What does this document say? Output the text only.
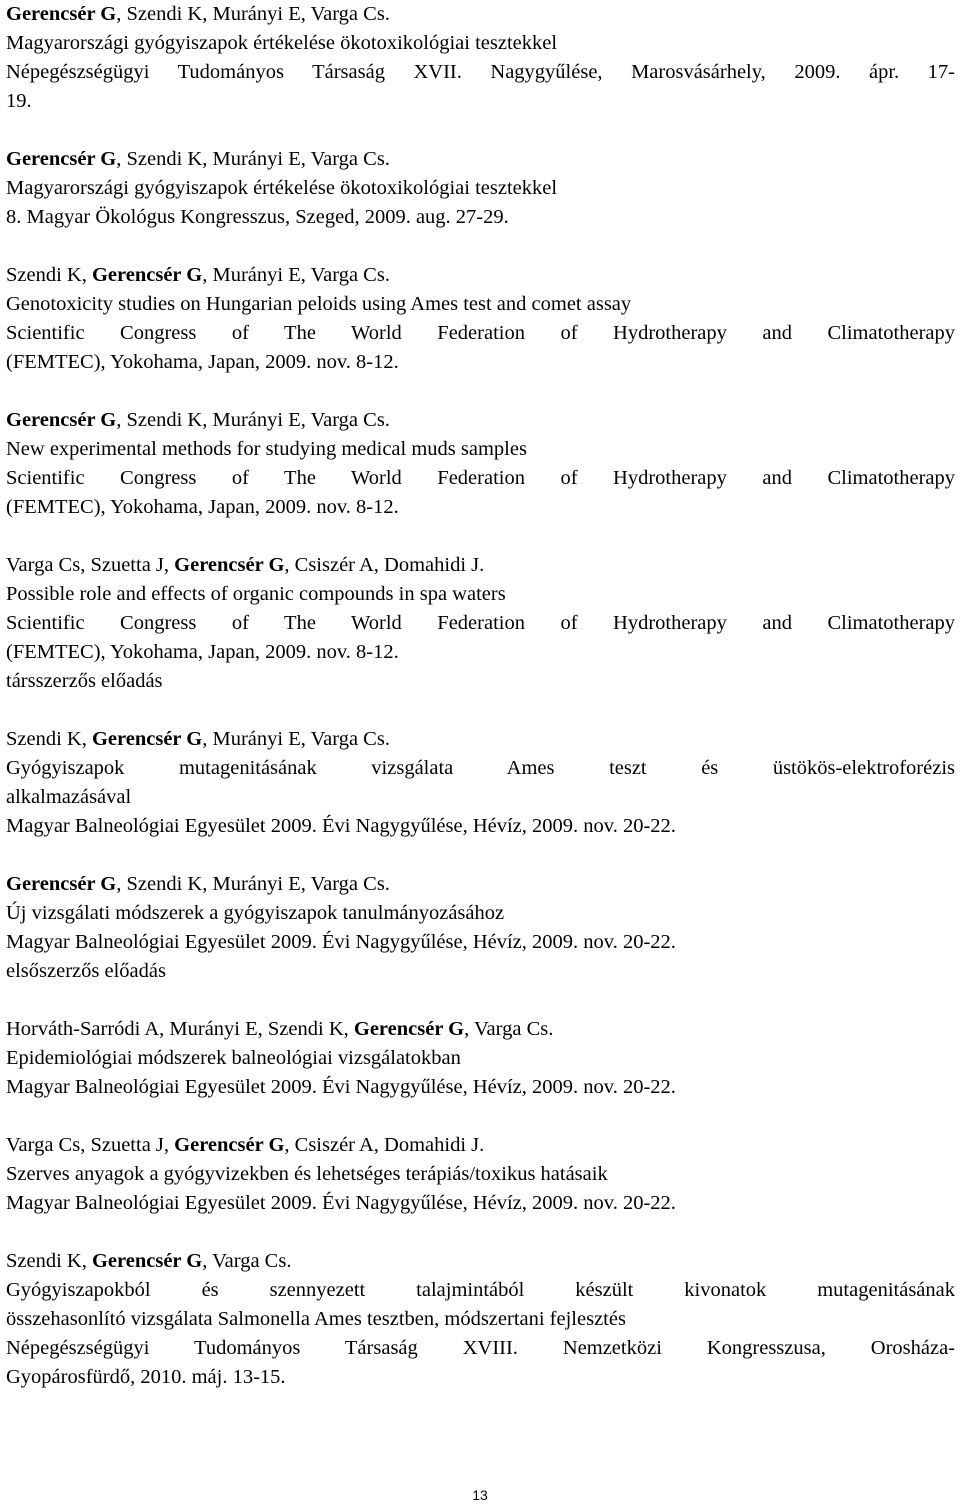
Gerencsér G, Szendi K, Murányi E, Varga Cs.
Magyarországi gyógyiszapok értékelése ökotoxikológiai tesztekkel
Népegészségügyi Tudományos Társaság XVII. Nagygyűlése, Marosvásárhely, 2009. ápr. 17-
19.
Gerencsér G, Szendi K, Murányi E, Varga Cs.
Magyarországi gyógyiszapok értékelése ökotoxikológiai tesztekkel
8. Magyar Ökológus Kongresszus, Szeged, 2009. aug. 27-29.
Szendi K, Gerencsér G, Murányi E, Varga Cs.
Genotoxicity studies on Hungarian peloids using Ames test and comet assay
Scientific Congress of The World Federation of Hydrotherapy and Climatotherapy
(FEMTEC), Yokohama, Japan, 2009. nov. 8-12.
Gerencsér G, Szendi K, Murányi E, Varga Cs.
New experimental methods for studying medical muds samples
Scientific Congress of The World Federation of Hydrotherapy and Climatotherapy
(FEMTEC), Yokohama, Japan, 2009. nov. 8-12.
Varga Cs, Szuetta J, Gerencsér G, Csiszér A, Domahidi J.
Possible role and effects of organic compounds in spa waters
Scientific Congress of The World Federation of Hydrotherapy and Climatotherapy
(FEMTEC), Yokohama, Japan, 2009. nov. 8-12.
társszerzős előadás
Szendi K, Gerencsér G, Murányi E, Varga Cs.
Gyógyiszapok mutagenitásának vizsgálata Ames teszt és üstökös-elektroforézis
alkalmazásával
Magyar Balneológiai Egyesület 2009. Évi Nagygyűlése, Hévíz, 2009. nov. 20-22.
Gerencsér G, Szendi K, Murányi E, Varga Cs.
Új vizsgálati módszerek a gyógyiszapok tanulmányozásához
Magyar Balneológiai Egyesület 2009. Évi Nagygyűlése, Hévíz, 2009. nov. 20-22.
elsőszerzős előadás
Horváth-Sarródi A, Murányi E, Szendi K, Gerencsér G, Varga Cs.
Epidemiológiai módszerek balneológiai vizsgálatokban
Magyar Balneológiai Egyesület 2009. Évi Nagygyűlése, Hévíz, 2009. nov. 20-22.
Varga Cs, Szuetta J, Gerencsér G, Csiszér A, Domahidi J.
Szerves anyagok a gyógyvizekben és lehetséges terápiás/toxikus hatásaik
Magyar Balneológiai Egyesület 2009. Évi Nagygyűlése, Hévíz, 2009. nov. 20-22.
Szendi K, Gerencsér G, Varga Cs.
Gyógyiszapokból és szennyezett talajmintából készült kivonatok mutagenitásának
összehasonlító vizsgálata Salmonella Ames tesztben, módszertani fejlesztés
Népegészségügyi Tudományos Társaság XVIII. Nemzetközi Kongresszusa, Orosháza-
Gyopárosfürdő, 2010. máj. 13-15.
13
